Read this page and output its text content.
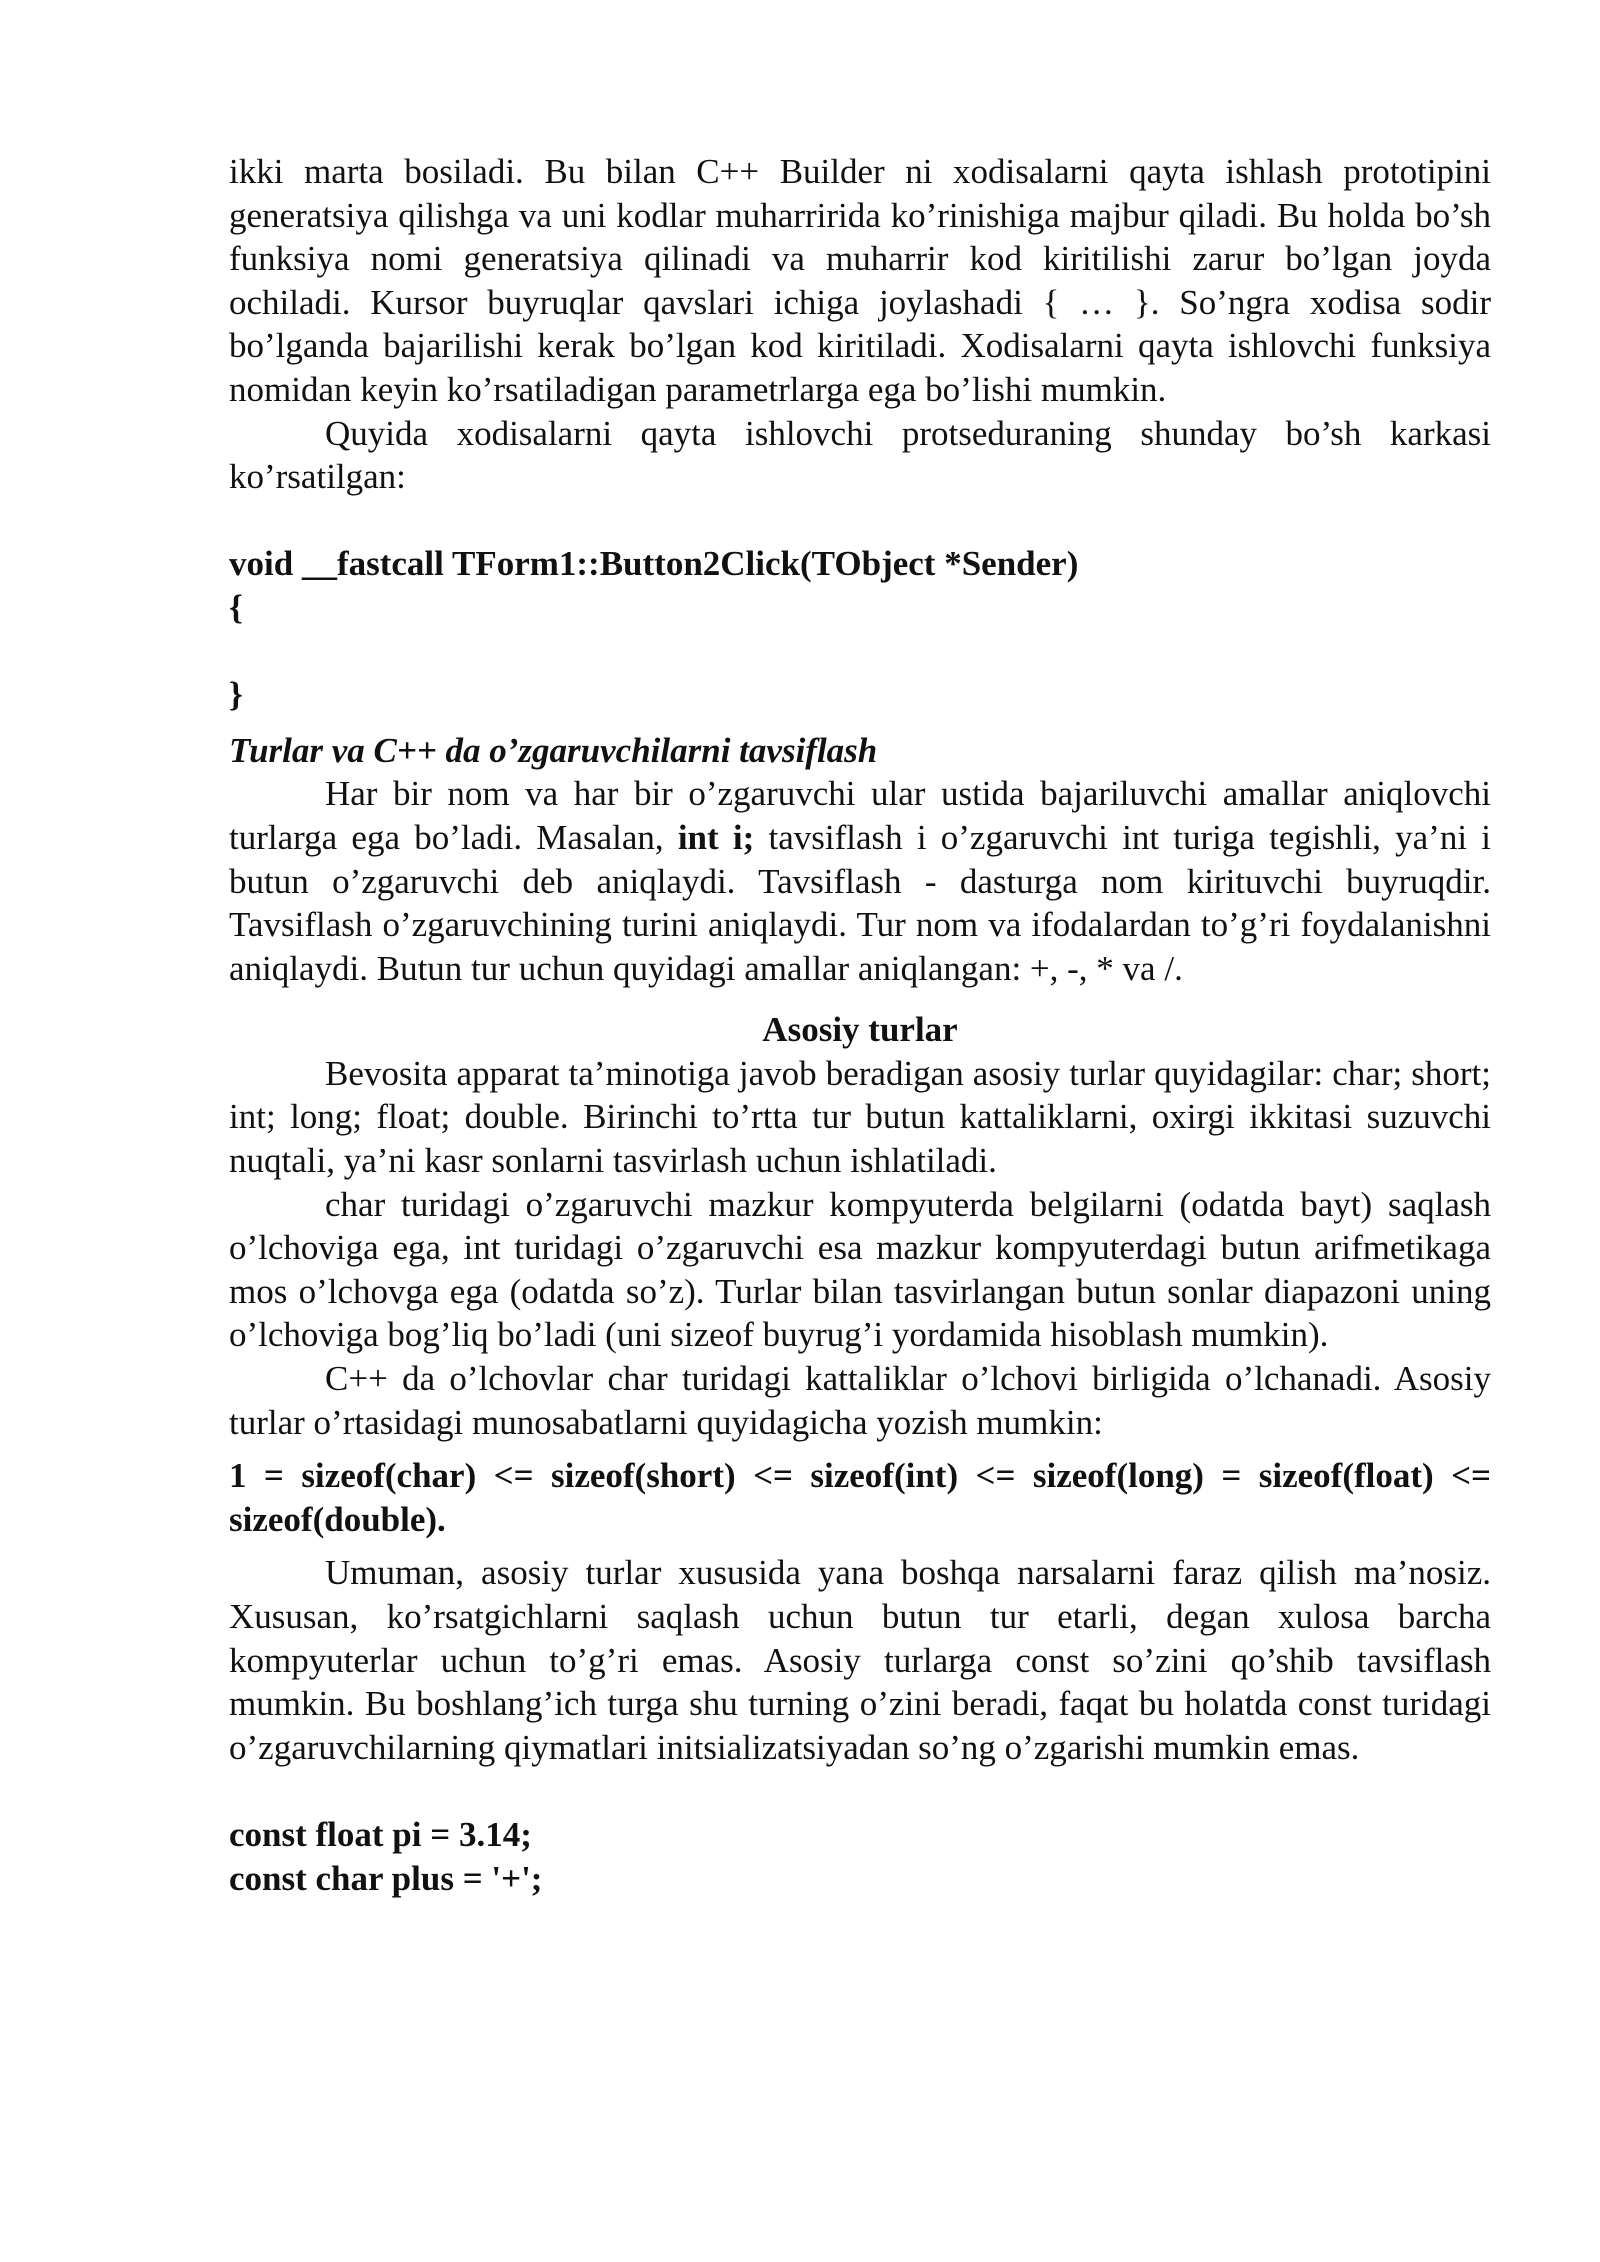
ikki marta bosiladi. Bu bilan C++ Builder ni xodisalarni qayta ishlash prototipini generatsiya qilishga va uni kodlar muharririda ko’rinishiga majbur qiladi. Bu holda bo’sh funksiya nomi generatsiya qilinadi va muharrir kod kiritilishi zarur bo’lgan joyda ochiladi. Kursor buyruqlar qavslari ichiga joylashadi { … }. So’ngra xodisa sodir bo’lganda bajarilishi kerak bo’lgan kod kiritiladi. Xodisalarni qayta ishlovchi funksiya nomidan keyin ko’rsatiladigan parametrlarga ega bo’lishi mumkin.

Quyida xodisalarni qayta ishlovchi protseduraning shunday bo’sh karkasi ko’rsatilgan:

void __fastcall TForm1::Button2Click(TObject *Sender)

{

}

Turlar va C++ da o’zgaruvchilarni tavsiflash

Har bir nom va har bir o’zgaruvchi ular ustida bajariluvchi amallar aniqlovchi turlarga ega bo’ladi. Masalan, int i; tavsiflash i o’zgaruvchi int turiga tegishli, ya’ni i butun o’zgaruvchi deb aniqlaydi. Tavsiflash - dasturga nom kirituvchi buyruqdir. Tavsiflash o’zgaruvchining turini aniqlaydi. Tur nom va ifodalardan to’g’ri foydalanishni aniqlaydi. Butun tur uchun quyidagi amallar aniqlangan: +, -, * va /.

Asosiy turlar

Bevosita apparat ta’minotiga javob beradigan asosiy turlar quyidagilar: char; short; int; long; float; double. Birinchi to’rtta tur butun kattaliklarni, oxirgi ikkitasi suzuvchi nuqtali, ya’ni kasr sonlarni tasvirlash uchun ishlatiladi.

char turidagi o’zgaruvchi mazkur kompyuterda belgilarni (odatda bayt) saqlash o’lchoviga ega, int turidagi o’zgaruvchi esa mazkur kompyuterdagi butun arifmetikaga mos o’lchovga ega (odatda so’z). Turlar bilan tasvirlangan butun sonlar diapazoni uning o’lchoviga bog’liq bo’ladi (uni sizeof buyrug’i yordamida hisoblash mumkin).

C++ da o’lchovlar char turidagi kattaliklar o’lchovi birligida o’lchanadi. Asosiy turlar o’rtasidagi munosabatlarni quyidagicha yozish mumkin:

1 = sizeof(char) <= sizeof(short) <= sizeof(int) <= sizeof(long) = sizeof(float) <= sizeof(double).

Umuman, asosiy turlar xususida yana boshqa narsalarni faraz qilish ma’nosiz. Xususan, ko’rsatgichlarni saqlash uchun butun tur etarli, degan xulosa barcha kompyuterlar uchun to’g’ri emas. Asosiy turlarga const so’zini qo’shib tavsiflash mumkin. Bu boshlang’ich turga shu turning o’zini beradi, faqat bu holatda const turidagi o’zgaruvchilarning qiymatlari initsializatsiyadan so’ng o’zgarishi mumkin emas.

const float pi = 3.14;

const char plus = '+';
